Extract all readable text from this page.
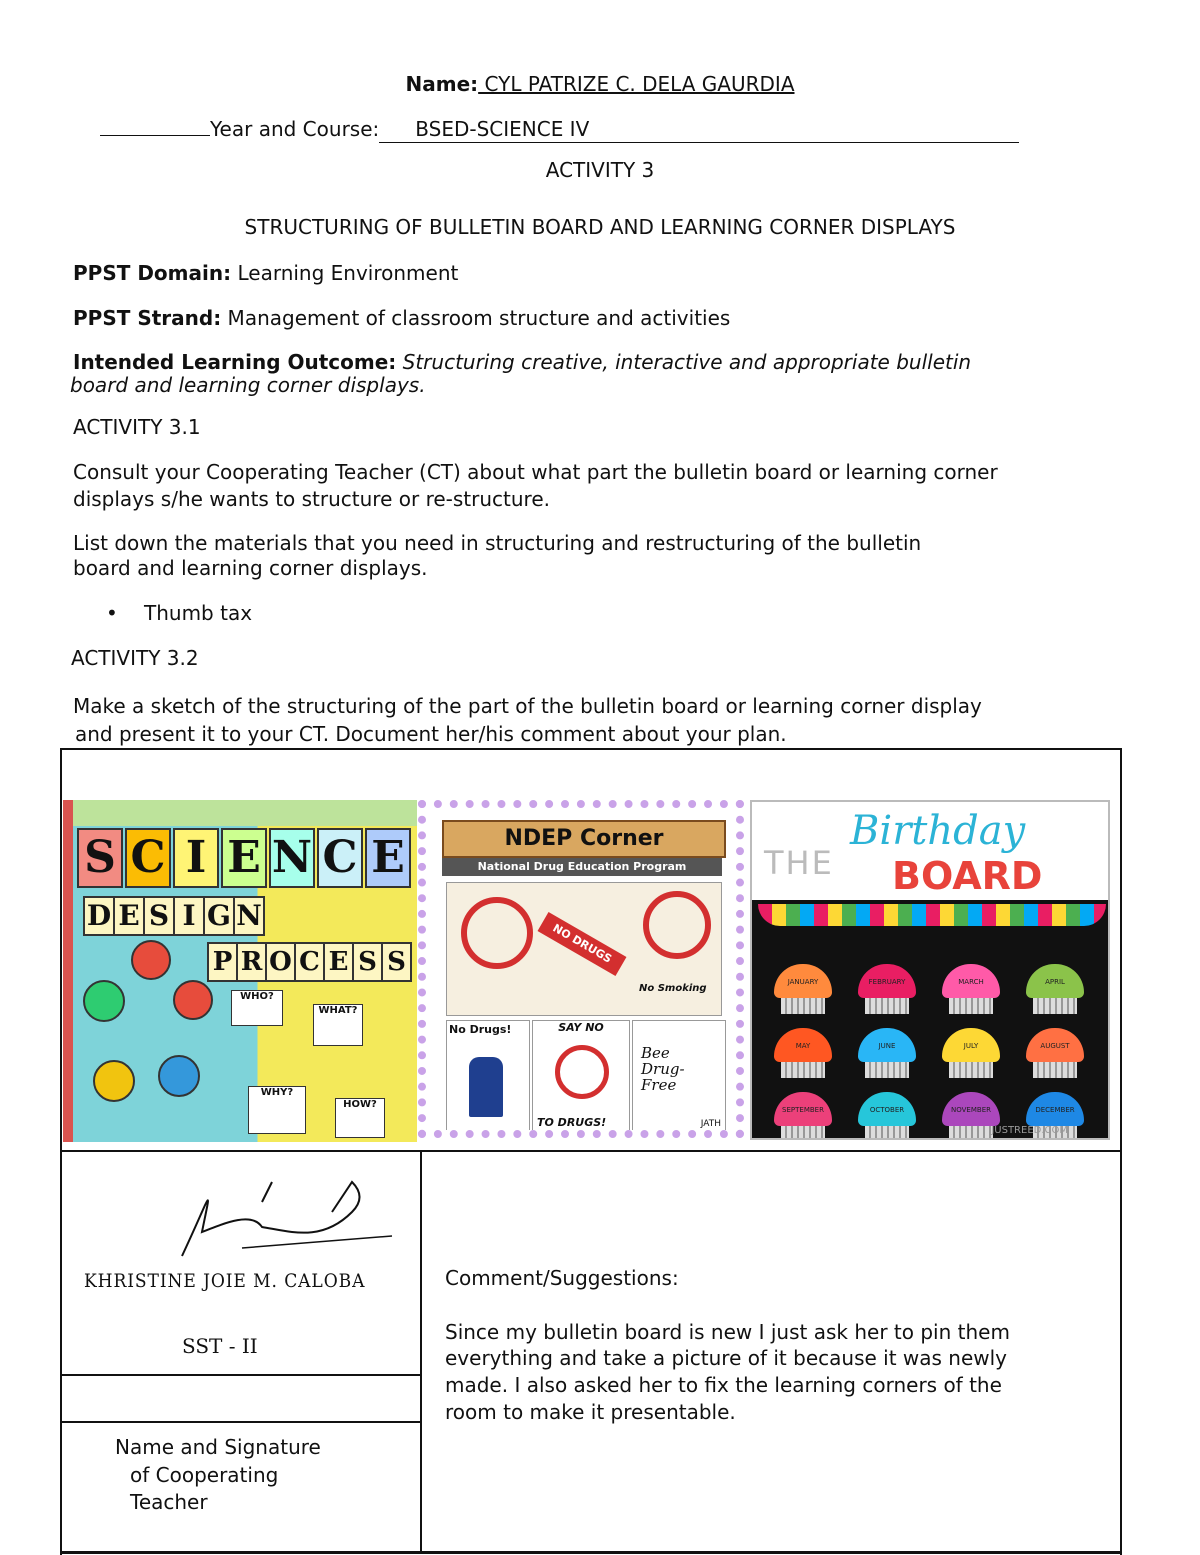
Name: CYL PATRIZE C. DELA GAURDIA
Year and Course: BSED-SCIENCE IV
ACTIVITY 3
STRUCTURING OF BULLETIN BOARD AND LEARNING CORNER DISPLAYS
PPST Domain: Learning Environment
PPST Strand: Management of classroom structure and activities
Intended Learning Outcome: Structuring creative, interactive and appropriate bulletin
board and learning corner displays.
ACTIVITY 3.1
Consult your Cooperating Teacher (CT) about what part the bulletin board or learning corner
displays s/he wants to structure or re-structure.
List down the materials that you need in structuring and restructuring of the bulletin
board and learning corner displays.
• Thumb tax
ACTIVITY 3.2
Make a sketch of the structuring of the part of the bulletin board or learning corner display
and present it to your CT. Document her/his comment about your plan.
S C I E N C E
D E S I G N
P R O C E S S
WHO?
WHAT?
WHY?
HOW?
NDEP Corner
National Drug Education Program
NO DRUGS
No Smoking
No Drugs!	SAY NO
TO DRUGS!
Bee Drug-Free
JATH
THE
Birthday
BOARD
JANUARY	FEBRUARY	MARCH	APRIL
MAY	JUNE	JULY	AUGUST
SEPTEMBER	OCTOBER	NOVEMBER	DECEMBER
JUSTREED.COM
KHRISTINE JOIE M. CALOBA
SST - II
Name and Signature
of Cooperating
Teacher
Comment/Suggestions:
Since my bulletin board is new I just ask her to pin them
everything and take a picture of it because it was newly
made. I also asked her to fix the learning corners of the
room to make it presentable.
